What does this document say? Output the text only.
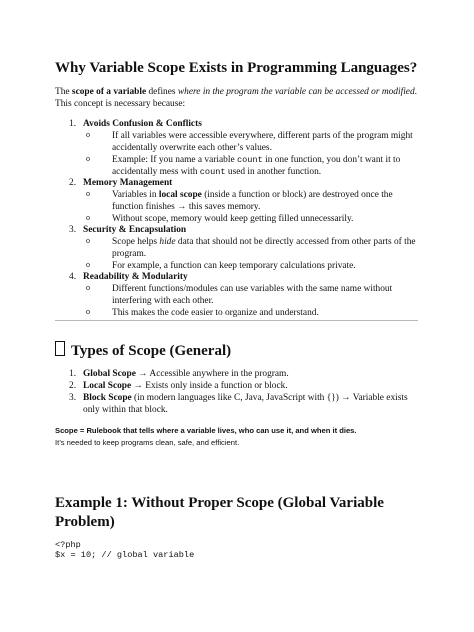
Why Variable Scope Exists in Programming Languages?
The scope of a variable defines where in the program the variable can be accessed or modified.
This concept is necessary because:
1. Avoids Confusion & Conflicts
o If all variables were accessible everywhere, different parts of the program might
accidentally overwrite each other’s values.
o Example: If you name a variable count in one function, you don’t want it to
accidentally mess with count used in another function.
2. Memory Management
o Variables in local scope (inside a function or block) are destroyed once the
function finishes → this saves memory.
o Without scope, memory would keep getting filled unnecessarily.
3. Security & Encapsulation
o Scope helps hide data that should not be directly accessed from other parts of the
program.
o For example, a function can keep temporary calculations private.
4. Readability & Modularity
o Different functions/modules can use variables with the same name without
interfering with each other.
o This makes the code easier to organize and understand.
Types of Scope (General)
1. Global Scope → Accessible anywhere in the program.
2. Local Scope → Exists only inside a function or block.
3. Block Scope (in modern languages like C, Java, JavaScript with {}) → Variable exists
only within that block.
Scope = Rulebook that tells where a variable lives, who can use it, and when it dies.
It’s needed to keep programs clean, safe, and efficient.
Example 1: Without Proper Scope (Global Variable
Problem)
<?php
$x = 10; // global variable
